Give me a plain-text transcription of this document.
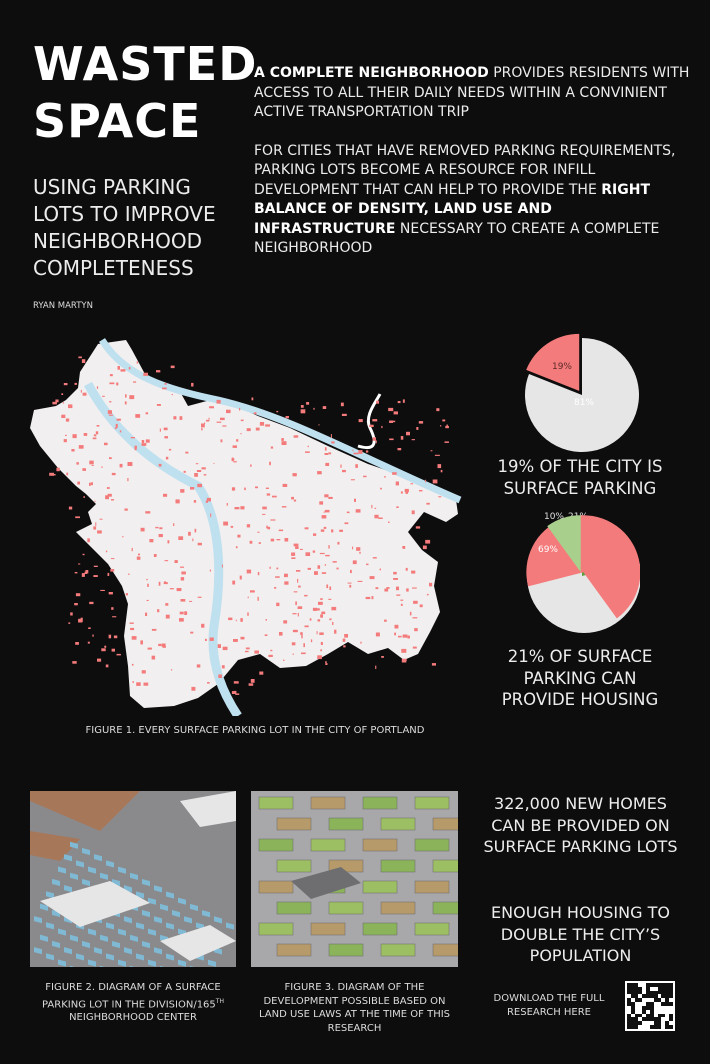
WASTED
SPACE
USING PARKING LOTS TO IMPROVE NEIGHBORHOOD COMPLETENESS
RYAN MARTYN

A COMPLETE NEIGHBORHOOD PROVIDES RESIDENTS WITH ACCESS TO ALL THEIR DAILY NEEDS WITHIN A CONVINIENT ACTIVE TRANSPORTATION TRIP

FOR CITIES THAT HAVE REMOVED PARKING REQUIREMENTS, PARKING LOTS BECOME A RESOURCE FOR INFILL DEVELOPMENT THAT CAN HELP TO PROVIDE THE RIGHT BALANCE OF DENSITY, LAND USE AND INFRASTRUCTURE NECESSARY TO CREATE A COMPLETE NEIGHBORHOOD

FIGURE 1. EVERY SURFACE PARKING LOT IN THE CITY OF PORTLAND
81%
19%
19% OF THE CITY IS SURFACE PARKING
69%
10%
21% OF SURFACE PARKING CAN PROVIDE HOUSING
FIGURE 2. DIAGRAM OF A SURFACE PARKING LOT IN THE DIVISION/165TH
NEIGHBORHOOD CENTER
FIGURE 3. DIAGRAM OF THE DEVELOPMENT POSSIBLE BASED ON LAND USE LAWS AT THE TIME OF THIS RESEARCH
322,000 NEW HOMES CAN BE PROVIDED ON SURFACE PARKING LOTS
ENOUGH HOUSING TO DOUBLE THE CITY’S POPULATION
DOWNLOAD THE FULL RESEARCH HERE
